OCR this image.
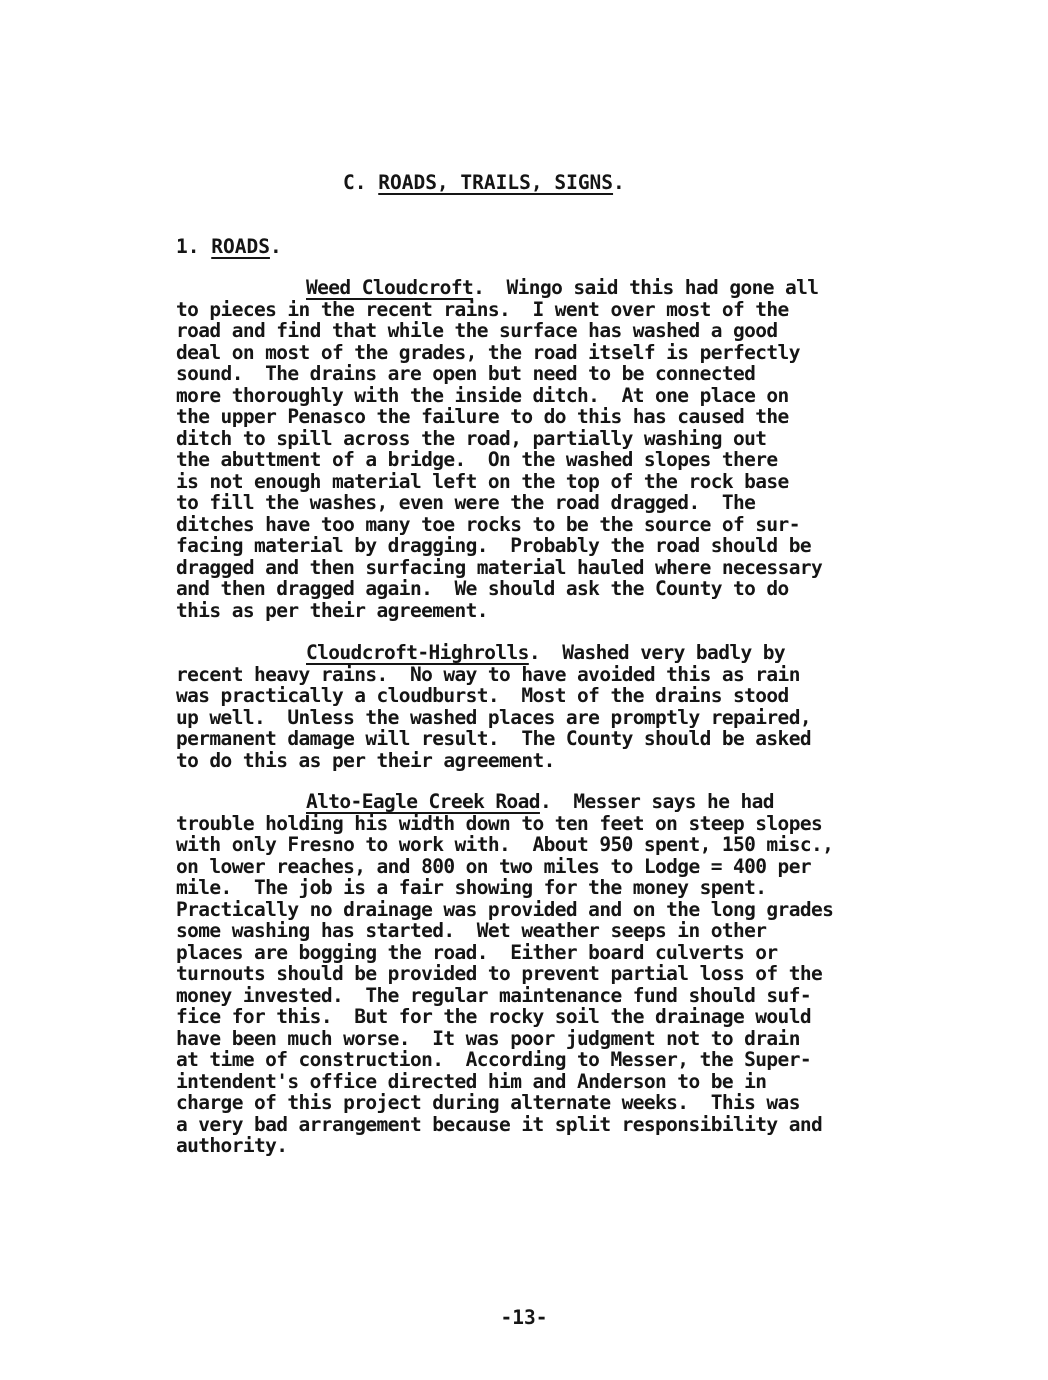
C. ROADS, TRAILS, SIGNS.
1. ROADS.
Weed Cloudcroft.  Wingo said this had gone all
to pieces in the recent rains.  I went over most of the
road and find that while the surface has washed a good
deal on most of the grades, the road itself is perfectly
sound.  The drains are open but need to be connected
more thoroughly with the inside ditch.  At one place on
the upper Penasco the failure to do this has caused the
ditch to spill across the road, partially washing out
the abuttment of a bridge.  On the washed slopes there
is not enough material left on the top of the rock base
to fill the washes, even were the road dragged.  The
ditches have too many toe rocks to be the source of sur-
facing material by dragging.  Probably the road should be
dragged and then surfacing material hauled where necessary
and then dragged again.  We should ask the County to do
this as per their agreement.
Cloudcroft-Highrolls.  Washed very badly by
recent heavy rains.  No way to have avoided this as rain
was practically a cloudburst.  Most of the drains stood
up well.  Unless the washed places are promptly repaired,
permanent damage will result.  The County should be asked
to do this as per their agreement.
Alto-Eagle Creek Road.  Messer says he had
trouble holding his width down to ten feet on steep slopes
with only Fresno to work with.  About 950 spent, 150 misc.,
on lower reaches, and 800 on two miles to Lodge = 400 per
mile.  The job is a fair showing for the money spent.
Practically no drainage was provided and on the long grades
some washing has started.  Wet weather seeps in other
places are bogging the road.  Either board culverts or
turnouts should be provided to prevent partial loss of the
money invested.  The regular maintenance fund should suf-
fice for this.  But for the rocky soil the drainage would
have been much worse.  It was poor judgment not to drain
at time of construction.  According to Messer, the Super-
intendent's office directed him and Anderson to be in
charge of this project during alternate weeks.  This was
a very bad arrangement because it split responsibility and
authority.
-13-
